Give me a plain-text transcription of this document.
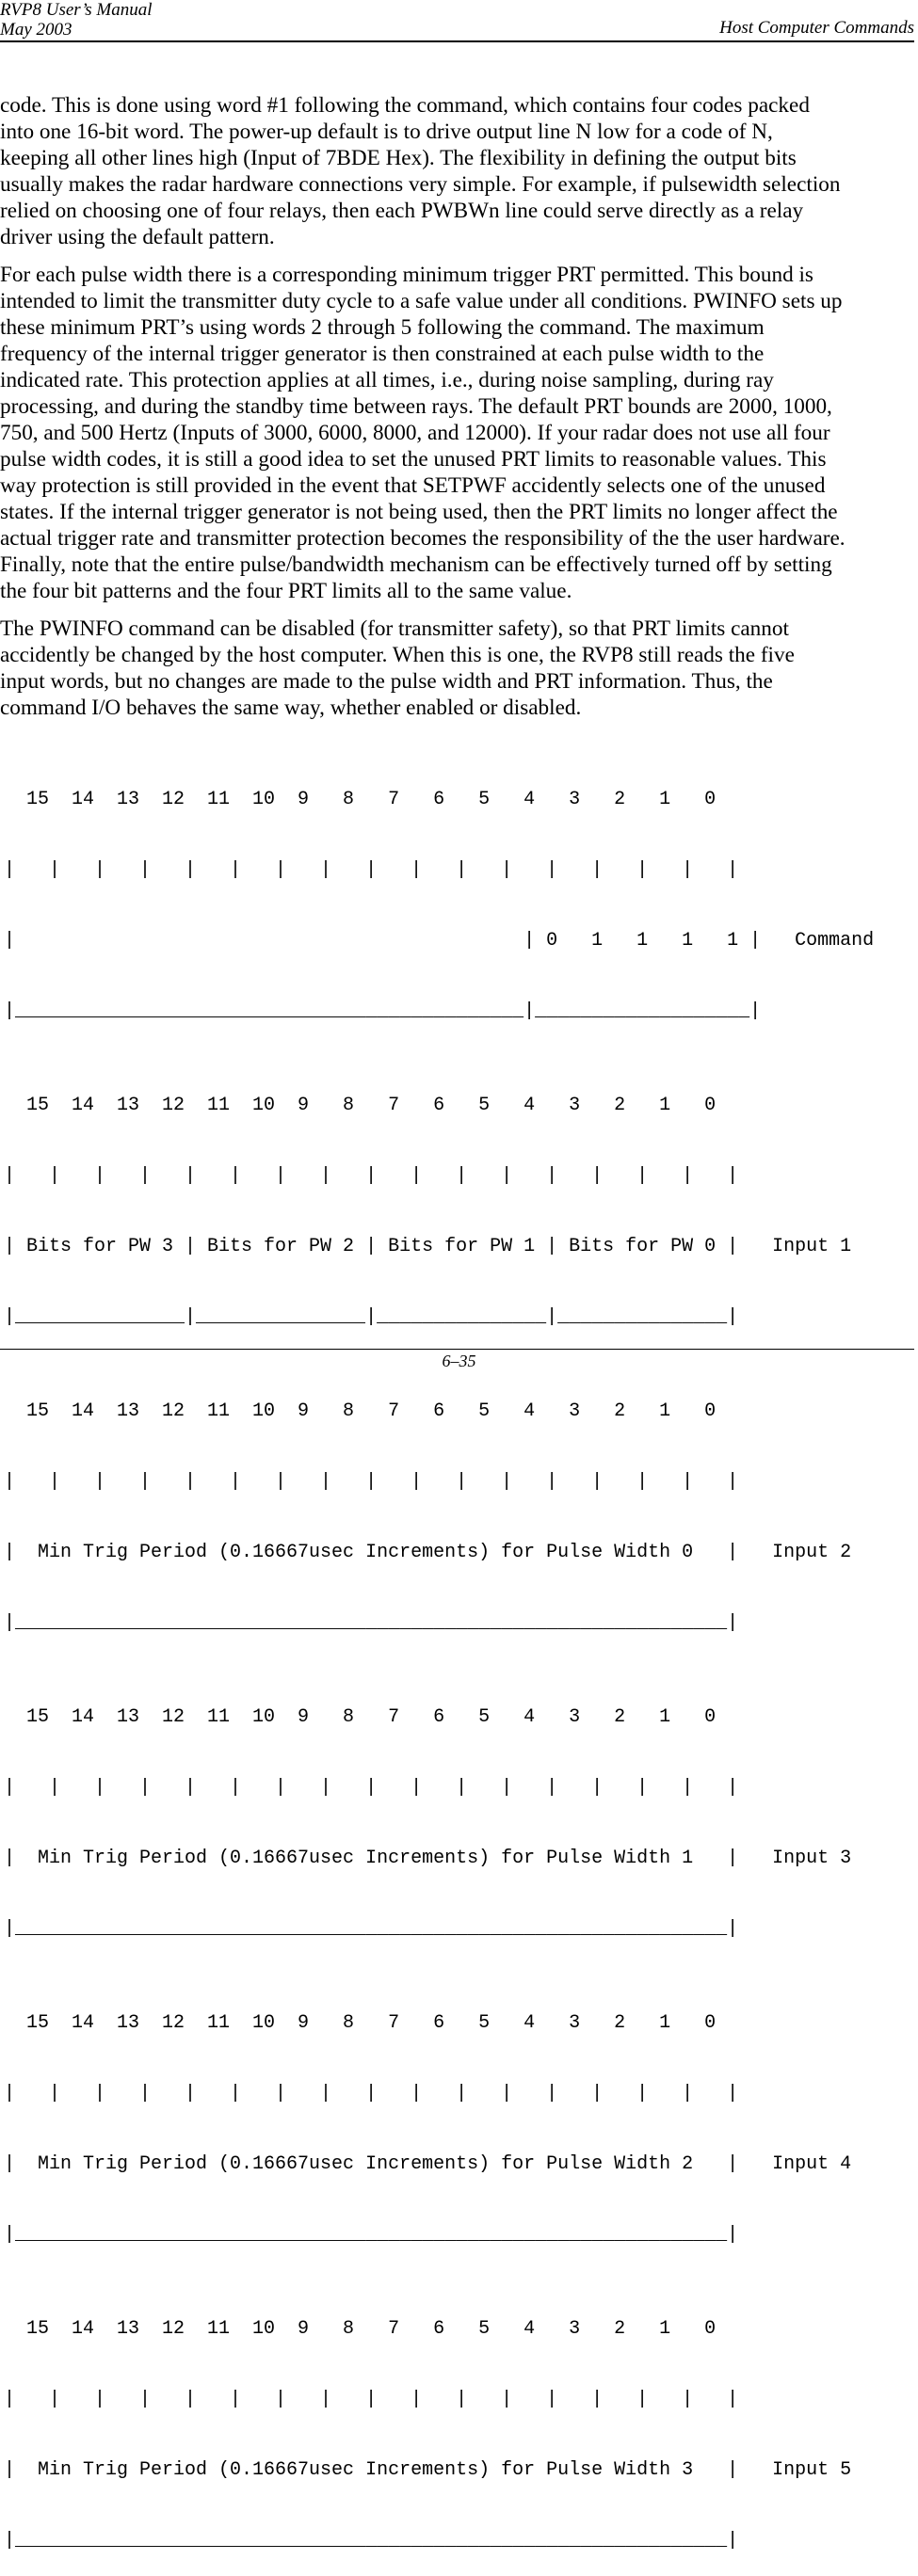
RVP8 User’s Manual
May 2003	Host Computer Commands

code. This is done using word #1 following the command, which contains four codes packed
into one 16-bit word. The power-up default is to drive output line N low for a code of N,
keeping all other lines high (Input of 7BDE Hex). The flexibility in defining the output bits
usually makes the radar hardware connections very simple. For example, if pulsewidth selection
relied on choosing one of four relays, then each PWBWn line could serve directly as a relay
driver using the default pattern.

For each pulse width there is a corresponding minimum trigger PRT permitted. This bound is
intended to limit the transmitter duty cycle to a safe value under all conditions. PWINFO sets up
these minimum PRT’s using words 2 through 5 following the command. The maximum
frequency of the internal trigger generator is then constrained at each pulse width to the
indicated rate. This protection applies at all times, i.e., during noise sampling, during ray
processing, and during the standby time between rays. The default PRT bounds are 2000, 1000,
750, and 500 Hertz (Inputs of 3000, 6000, 8000, and 12000). If your radar does not use all four
pulse width codes, it is still a good idea to set the unused PRT limits to reasonable values. This
way protection is still provided in the event that SETPWF accidently selects one of the unused
states. If the internal trigger generator is not being used, then the PRT limits no longer affect the
actual trigger rate and transmitter protection becomes the responsibility of the the user hardware.
Finally, note that the entire pulse/bandwidth mechanism can be effectively turned off by setting
the four bit patterns and the four PRT limits all to the same value.

The PWINFO command can be disabled (for transmitter safety), so that PRT limits cannot
accidently be changed by the host computer. When this is one, the RVP8 still reads the five
input words, but no changes are made to the pulse width and PRT information. Thus, the
command I/O behaves the same way, whether enabled or disabled.

15  14  13  12  11  10  9   8   7   6   5   4   3   2   1   0

|   |   |   |   |   |   |   |   |   |   |   |   |   |   |   |   |

|                                             | 0   1   1   1   1 |   Command

|_____________________________________________|___________________|

15  14  13  12  11  10  9   8   7   6   5   4   3   2   1   0

|   |   |   |   |   |   |   |   |   |   |   |   |   |   |   |   |

| Bits for PW 3 | Bits for PW 2 | Bits for PW 1 | Bits for PW 0 |   Input 1

|_______________|_______________|_______________|_______________|

15  14  13  12  11  10  9   8   7   6   5   4   3   2   1   0

|   |   |   |   |   |   |   |   |   |   |   |   |   |   |   |   |

|  Min Trig Period (0.16667usec Increments) for Pulse Width 0   |   Input 2

|_______________________________________________________________|

15  14  13  12  11  10  9   8   7   6   5   4   3   2   1   0

|   |   |   |   |   |   |   |   |   |   |   |   |   |   |   |   |

|  Min Trig Period (0.16667usec Increments) for Pulse Width 1   |   Input 3

|_______________________________________________________________|

15  14  13  12  11  10  9   8   7   6   5   4   3   2   1   0

|   |   |   |   |   |   |   |   |   |   |   |   |   |   |   |   |

|  Min Trig Period (0.16667usec Increments) for Pulse Width 2   |   Input 4

|_______________________________________________________________|

15  14  13  12  11  10  9   8   7   6   5   4   3   2   1   0

|   |   |   |   |   |   |   |   |   |   |   |   |   |   |   |   |

|  Min Trig Period (0.16667usec Increments) for Pulse Width 3   |   Input 5

|_______________________________________________________________|

6–35
